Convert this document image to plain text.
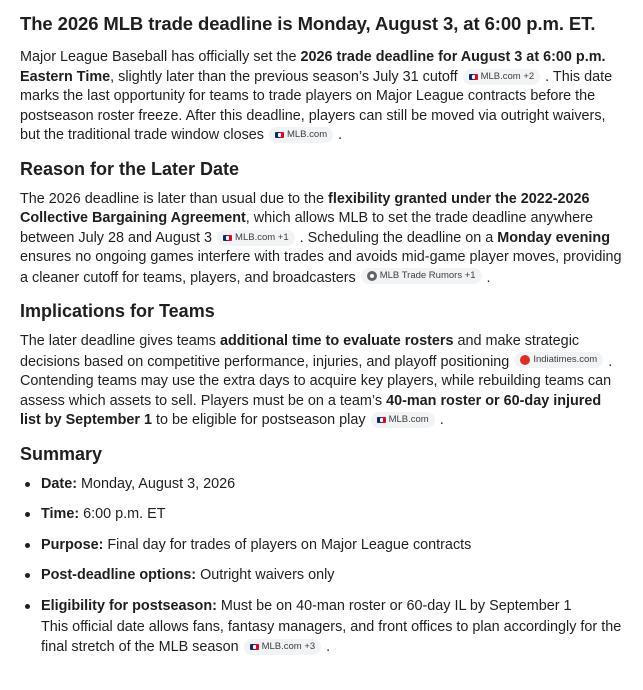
The 2026 MLB trade deadline is Monday, August 3, at 6:00 p.m. ET.

Major League Baseball has officially set the 2026 trade deadline for August 3 at 6:00 p.m. Eastern Time, slightly later than the previous season’s July 31 cutoff MLB.com +2 . This date marks the last opportunity for teams to trade players on Major League contracts before the postseason roster freeze. After this deadline, players can still be moved via outright waivers, but the traditional trade window closes MLB.com .

Reason for the Later Date

The 2026 deadline is later than usual due to the flexibility granted under the 2022-2026 Collective Bargaining Agreement, which allows MLB to set the trade deadline anywhere between July 28 and August 3 MLB.com +1 . Scheduling the deadline on a Monday evening ensures no ongoing games interfere with trades and avoids mid-game player moves, providing a cleaner cutoff for teams, players, and broadcasters MLB Trade Rumors +1 .

Implications for Teams

The later deadline gives teams additional time to evaluate rosters and make strategic decisions based on competitive performance, injuries, and playoff positioning Indiatimes.com . Contending teams may use the extra days to acquire key players, while rebuilding teams can assess which assets to sell. Players must be on a team’s 40-man roster or 60-day injured list by September 1 to be eligible for postseason play MLB.com .

Summary
Date: Monday, August 3, 2026
Time: 6:00 p.m. ET
Purpose: Final day for trades of players on Major League contracts
Post-deadline options: Outright waivers only
Eligibility for postseason: Must be on 40-man roster or 60-day IL by September 1
This official date allows fans, fantasy managers, and front offices to plan accordingly for the final stretch of the MLB season MLB.com +3 .
